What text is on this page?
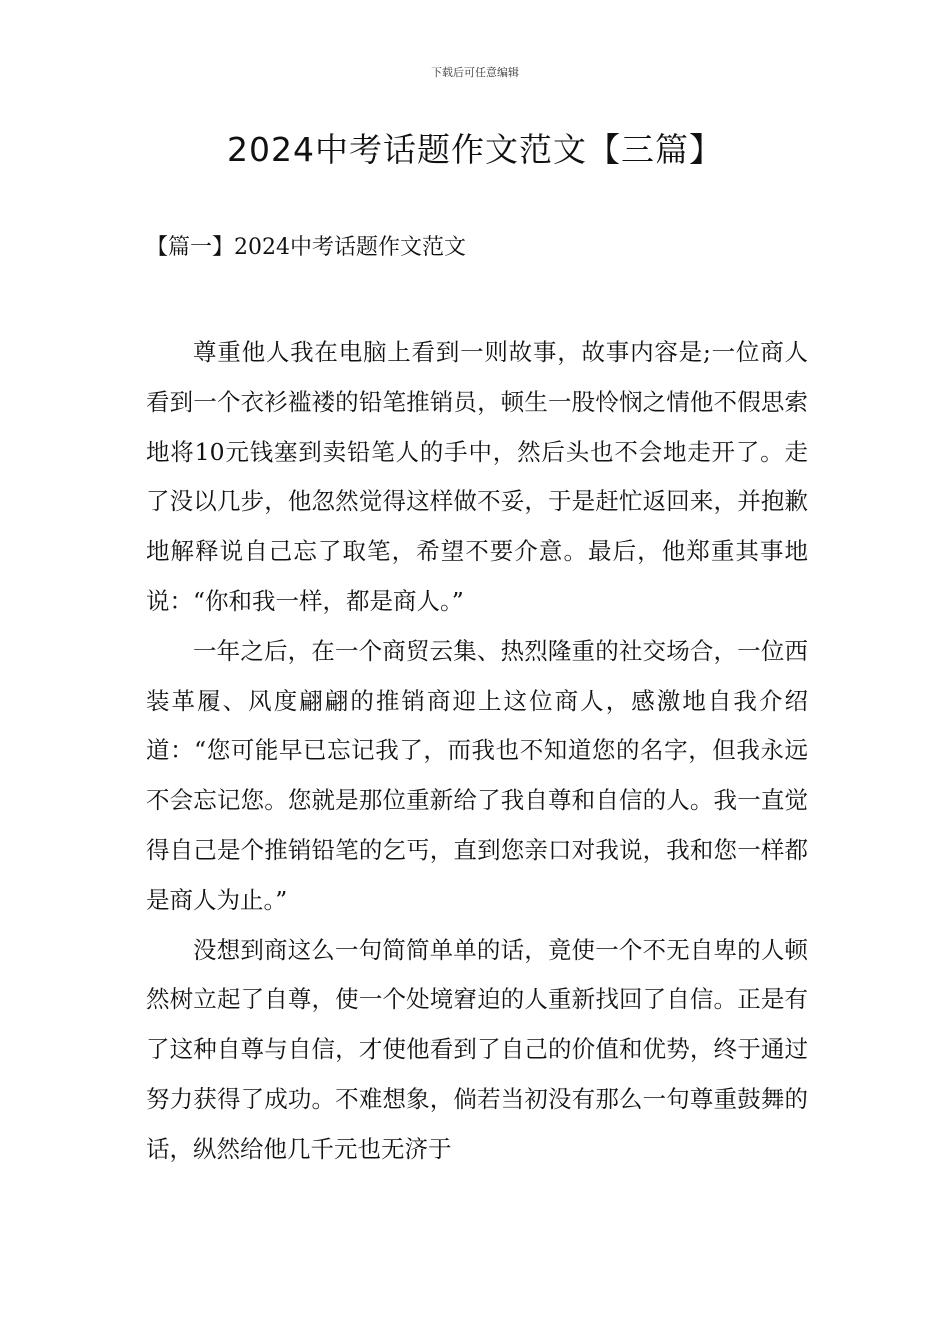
下载后可任意编辑
2024中考话题作文范文【三篇】
【篇一】2024中考话题作文范文

尊重他人我在电脑上看到一则故事，故事内容是;一位商人看到一个衣衫褴褛的铅笔推销员，顿生一股怜悯之情他不假思索地将10元钱塞到卖铅笔人的手中，然后头也不会地走开了。走了没以几步，他忽然觉得这样做不妥，于是赶忙返回来，并抱歉地解释说自己忘了取笔，希望不要介意。最后，他郑重其事地说：“你和我一样，都是商人。”

一年之后，在一个商贸云集、热烈隆重的社交场合，一位西装革履、风度翩翩的推销商迎上这位商人，感激地自我介绍道：“您可能早已忘记我了，而我也不知道您的名字，但我永远不会忘记您。您就是那位重新给了我自尊和自信的人。我一直觉得自己是个推销铅笔的乞丐，直到您亲口对我说，我和您一样都是商人为止。”

没想到商这么一句简简单单的话，竟使一个不无自卑的人顿然树立起了自尊，使一个处境窘迫的人重新找回了自信。正是有了这种自尊与自信，才使他看到了自己的价值和优势，终于通过努力获得了成功。不难想象，倘若当初没有那么一句尊重鼓舞的话，纵然给他几千元也无济于
